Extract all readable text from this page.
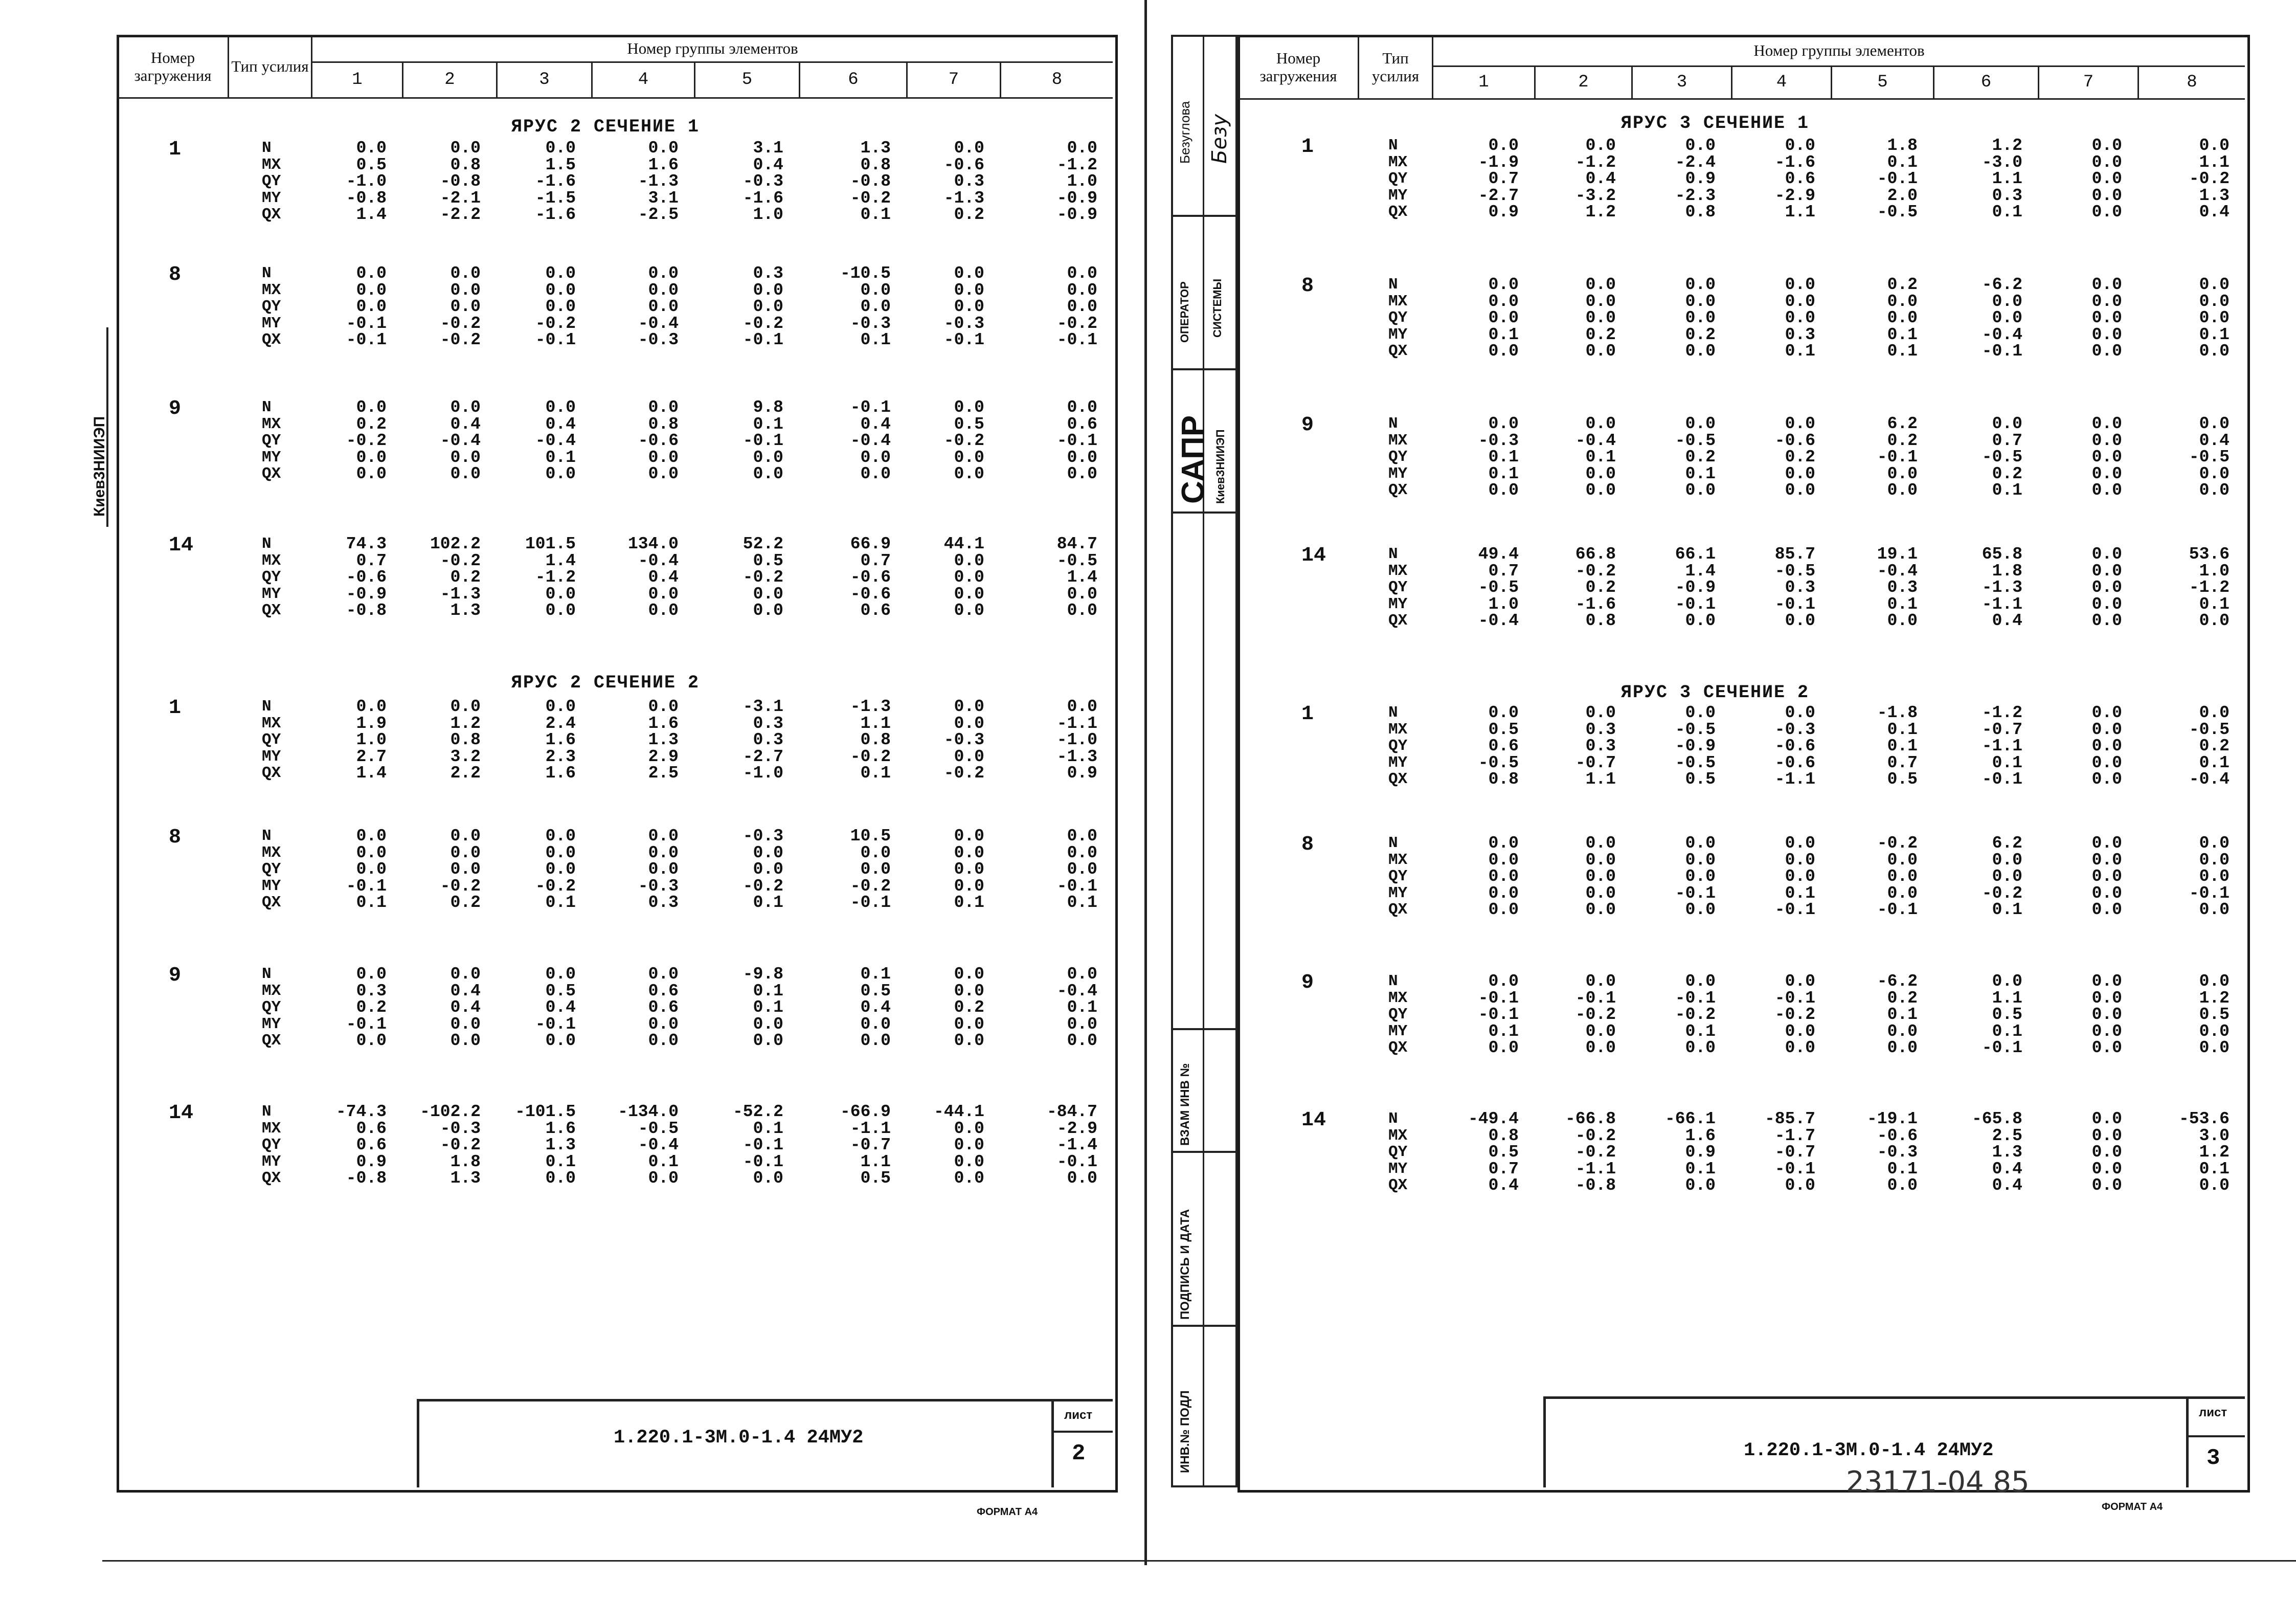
Номер загружения	Тип усилия
Номер группы элементов
1	2	3	4	5	6	7	8
ЯРУС 2 СЕЧЕНИЕ 1
1	N	0.0	0.0	0.0	0.0	3.1	1.3	0.0	0.0
MX	0.5	0.8	1.5	1.6	0.4	0.8	-0.6	-1.2
QY	-1.0	-0.8	-1.6	-1.3	-0.3	-0.8	0.3	1.0
MY	-0.8	-2.1	-1.5	3.1	-1.6	-0.2	-1.3	-0.9
QX	1.4	-2.2	-1.6	-2.5	1.0	0.1	0.2	-0.9
8	N	0.0	0.0	0.0	0.0	0.3	-10.5	0.0	0.0
MX	0.0	0.0	0.0	0.0	0.0	0.0	0.0	0.0
QY	0.0	0.0	0.0	0.0	0.0	0.0	0.0	0.0
MY	-0.1	-0.2	-0.2	-0.4	-0.2	-0.3	-0.3	-0.2
QX	-0.1	-0.2	-0.1	-0.3	-0.1	0.1	-0.1	-0.1
9	N	0.0	0.0	0.0	0.0	9.8	-0.1	0.0	0.0
MX	0.2	0.4	0.4	0.8	0.1	0.4	0.5	0.6
QY	-0.2	-0.4	-0.4	-0.6	-0.1	-0.4	-0.2	-0.1
MY	0.0	0.0	0.1	0.0	0.0	0.0	0.0	0.0
QX	0.0	0.0	0.0	0.0	0.0	0.0	0.0	0.0
14	N	74.3	102.2	101.5	134.0	52.2	66.9	44.1	84.7
MX	0.7	-0.2	1.4	-0.4	0.5	0.7	0.0	-0.5
QY	-0.6	0.2	-1.2	0.4	-0.2	-0.6	0.0	1.4
MY	-0.9	-1.3	0.0	0.0	0.0	-0.6	0.0	0.0
QX	-0.8	1.3	0.0	0.0	0.0	0.6	0.0	0.0
ЯРУС 2 СЕЧЕНИЕ 2
1	N	0.0	0.0	0.0	0.0	-3.1	-1.3	0.0	0.0
MX	1.9	1.2	2.4	1.6	0.3	1.1	0.0	-1.1
QY	1.0	0.8	1.6	1.3	0.3	0.8	-0.3	-1.0
MY	2.7	3.2	2.3	2.9	-2.7	-0.2	0.0	-1.3
QX	1.4	2.2	1.6	2.5	-1.0	0.1	-0.2	0.9
8	N	0.0	0.0	0.0	0.0	-0.3	10.5	0.0	0.0
MX	0.0	0.0	0.0	0.0	0.0	0.0	0.0	0.0
QY	0.0	0.0	0.0	0.0	0.0	0.0	0.0	0.0
MY	-0.1	-0.2	-0.2	-0.3	-0.2	-0.2	0.0	-0.1
QX	0.1	0.2	0.1	0.3	0.1	-0.1	0.1	0.1
9	N	0.0	0.0	0.0	0.0	-9.8	0.1	0.0	0.0
MX	0.3	0.4	0.5	0.6	0.1	0.5	0.0	-0.4
QY	0.2	0.4	0.4	0.6	0.1	0.4	0.2	0.1
MY	-0.1	0.0	-0.1	0.0	0.0	0.0	0.0	0.0
QX	0.0	0.0	0.0	0.0	0.0	0.0	0.0	0.0
14	N	-74.3	-102.2	-101.5	-134.0	-52.2	-66.9	-44.1	-84.7
MX	0.6	-0.3	1.6	-0.5	0.1	-1.1	0.0	-2.9
QY	0.6	-0.2	1.3	-0.4	-0.1	-0.7	0.0	-1.4
MY	0.9	1.8	0.1	0.1	-0.1	1.1	0.0	-0.1
QX	-0.8	1.3	0.0	0.0	0.0	0.5	0.0	0.0
лист
2
1.220.1-3М.0-1.4 24МУ2
ФОРМАТ А4
Номер загружения
Тип усилия
Номер группы элементов
1	2	3	4	5	6	7	8
ЯРУС 3 СЕЧЕНИЕ 1
1	N	0.0	0.0	0.0	0.0	1.8	1.2	0.0	0.0
MX	-1.9	-1.2	-2.4	-1.6	0.1	-3.0	0.0	1.1
QY	0.7	0.4	0.9	0.6	-0.1	1.1	0.0	-0.2
MY	-2.7	-3.2	-2.3	-2.9	2.0	0.3	0.0	1.3
QX	0.9	1.2	0.8	1.1	-0.5	0.1	0.0	0.4
8	N	0.0	0.0	0.0	0.0	0.2	-6.2	0.0	0.0
MX	0.0	0.0	0.0	0.0	0.0	0.0	0.0	0.0
QY	0.0	0.0	0.0	0.0	0.0	0.0	0.0	0.0
MY	0.1	0.2	0.2	0.3	0.1	-0.4	0.0	0.1
QX	0.0	0.0	0.0	0.1	0.1	-0.1	0.0	0.0
9	N	0.0	0.0	0.0	0.0	6.2	0.0	0.0	0.0
MX	-0.3	-0.4	-0.5	-0.6	0.2	0.7	0.0	0.4
QY	0.1	0.1	0.2	0.2	-0.1	-0.5	0.0	-0.5
MY	0.1	0.0	0.1	0.0	0.0	0.2	0.0	0.0
QX	0.0	0.0	0.0	0.0	0.0	0.1	0.0	0.0
14	N	49.4	66.8	66.1	85.7	19.1	65.8	0.0	53.6
MX	0.7	-0.2	1.4	-0.5	-0.4	1.8	0.0	1.0
QY	-0.5	0.2	-0.9	0.3	0.3	-1.3	0.0	-1.2
MY	1.0	-1.6	-0.1	-0.1	0.1	-1.1	0.0	0.1
QX	-0.4	0.8	0.0	0.0	0.0	0.4	0.0	0.0
ЯРУС 3 СЕЧЕНИЕ 2
1	N	0.0	0.0	0.0	0.0	-1.8	-1.2	0.0	0.0
MX	0.5	0.3	-0.5	-0.3	0.1	-0.7	0.0	-0.5
QY	0.6	0.3	-0.9	-0.6	0.1	-1.1	0.0	0.2
MY	-0.5	-0.7	-0.5	-0.6	0.7	0.1	0.0	0.1
QX	0.8	1.1	0.5	-1.1	0.5	-0.1	0.0	-0.4
8	N	0.0	0.0	0.0	0.0	-0.2	6.2	0.0	0.0
MX	0.0	0.0	0.0	0.0	0.0	0.0	0.0	0.0
QY	0.0	0.0	0.0	0.0	0.0	0.0	0.0	0.0
MY	0.0	0.0	-0.1	0.1	0.0	-0.2	0.0	-0.1
QX	0.0	0.0	0.0	-0.1	-0.1	0.1	0.0	0.0
9	N	0.0	0.0	0.0	0.0	-6.2	0.0	0.0	0.0
MX	-0.1	-0.1	-0.1	-0.1	0.2	1.1	0.0	1.2
QY	-0.1	-0.2	-0.2	-0.2	0.1	0.5	0.0	0.5
MY	0.1	0.0	0.1	0.0	0.0	0.1	0.0	0.0
QX	0.0	0.0	0.0	0.0	0.0	-0.1	0.0	0.0
14	N	-49.4	-66.8	-66.1	-85.7	-19.1	-65.8	0.0	-53.6
MX	0.8	-0.2	1.6	-1.7	-0.6	2.5	0.0	3.0
QY	0.5	-0.2	0.9	-0.7	-0.3	1.3	0.0	1.2
MY	0.7	-1.1	0.1	-0.1	0.1	0.4	0.0	0.1
QX	0.4	-0.8	0.0	0.0	0.0	0.4	0.0	0.0
лист
3
1.220.1-3М.0-1.4 24МУ2
ФОРМАТ А4
23171-04 85
Киев3НИИЭП
Безуглова Безу
ОПЕРАТОР СИСТЕМЫ
САПР КиевЗНИИЭП
ВЗАМ ИНВ №
ПОДПИСЬ И ДАТА
ИНВ.№ ПОДЛ
